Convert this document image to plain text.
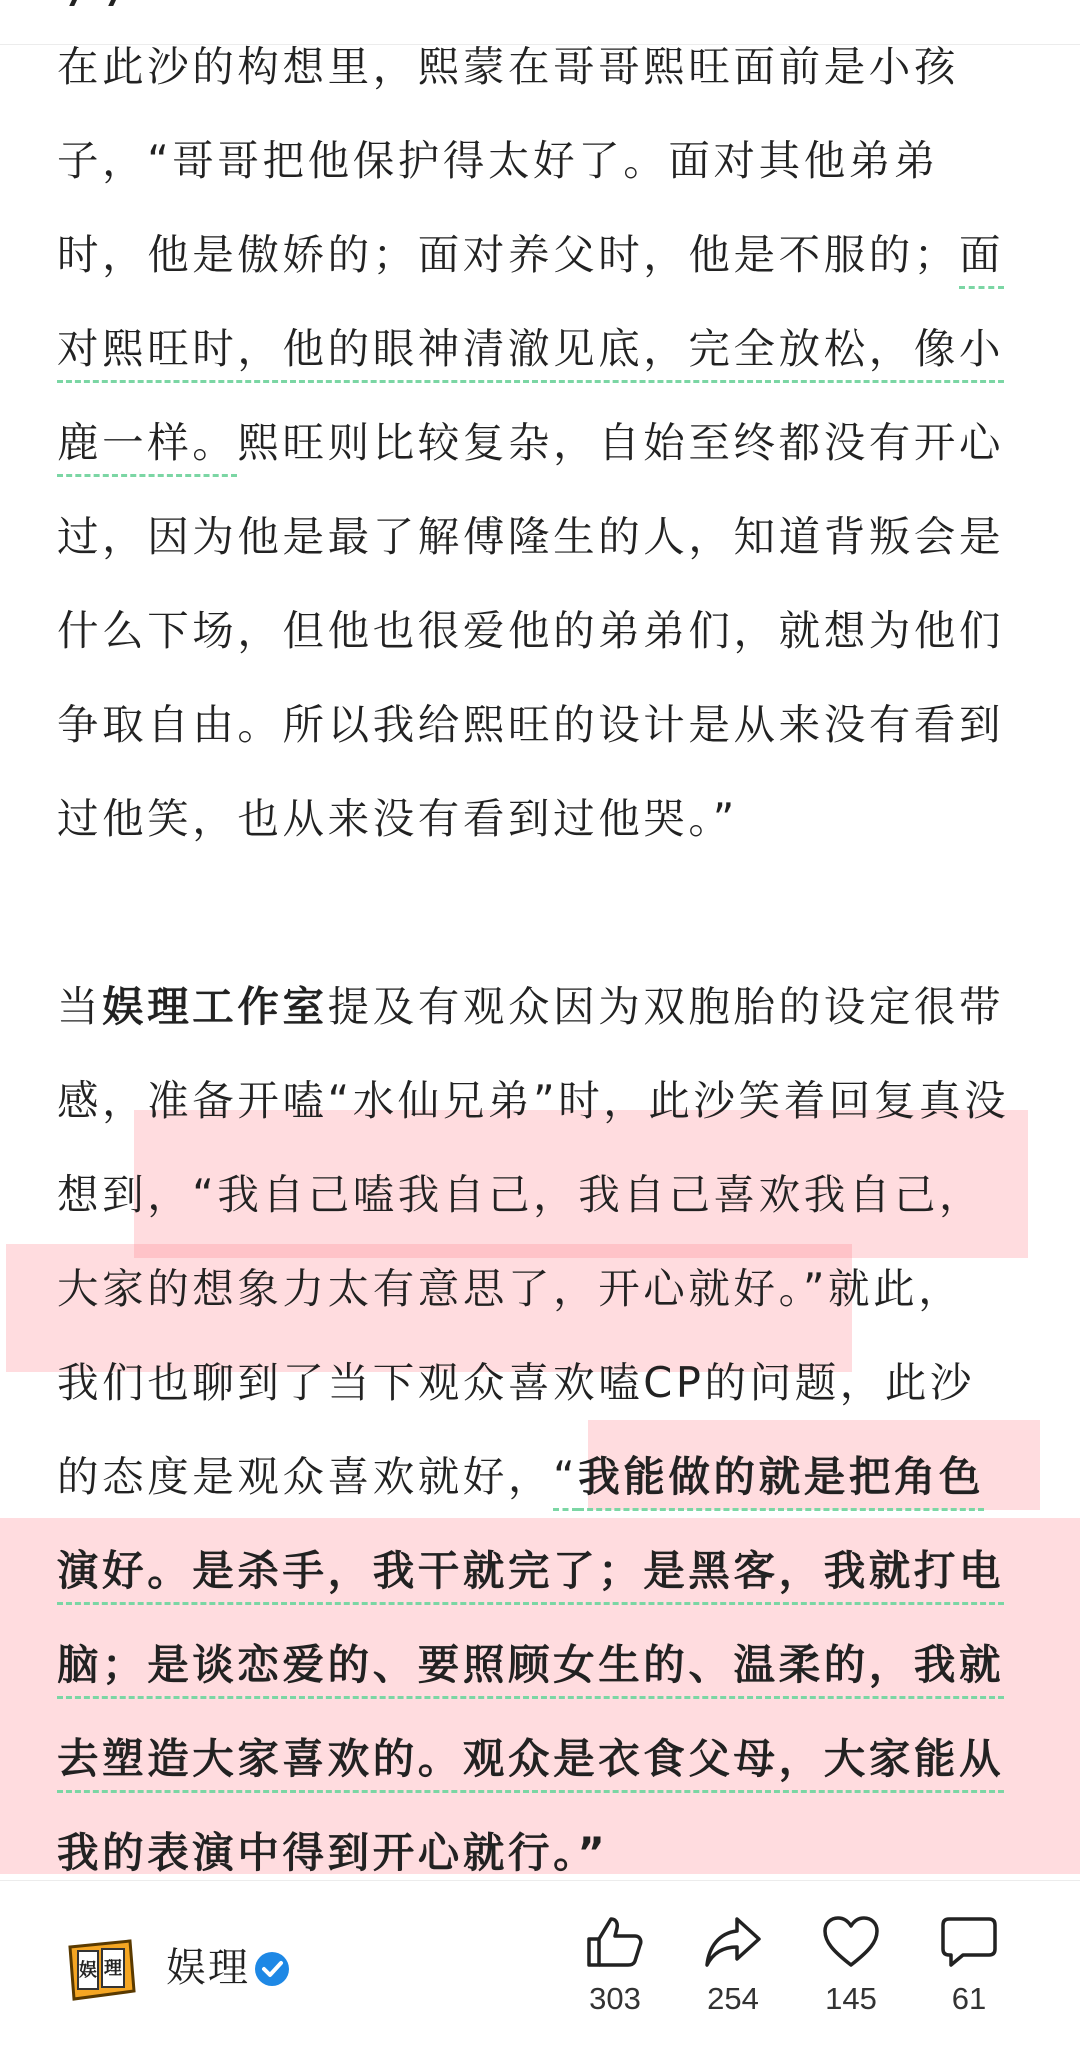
在此沙的构想里，熙蒙在哥哥熙旺面前是小孩
子，“哥哥把他保护得太好了。面对其他弟弟
时，他是傲娇的；面对养父时，他是不服的；面
对熙旺时，他的眼神清澈见底，完全放松，像小
鹿一样。熙旺则比较复杂，自始至终都没有开心
过，因为他是最了解傅隆生的人，知道背叛会是
什么下场，但他也很爱他的弟弟们，就想为他们
争取自由。所以我给熙旺的设计是从来没有看到
过他笑，也从来没有看到过他哭。”
当娱理工作室提及有观众因为双胞胎的设定很带
感，准备开嗑“水仙兄弟”时，此沙笑着回复真没
想到，“我自己嗑我自己，我自己喜欢我自己，
大家的想象力太有意思了，开心就好。”就此，
我们也聊到了当下观众喜欢嗑CP的问题，此沙
的态度是观众喜欢就好，“我能做的就是把角色
演好。是杀手，我干就完了；是黑客，我就打电
脑；是谈恋爱的、要照顾女生的、温柔的，我就
去塑造大家喜欢的。观众是衣食父母，大家能从
我的表演中得到开心就行。”
娱 理 娱理
303	254	145	61
